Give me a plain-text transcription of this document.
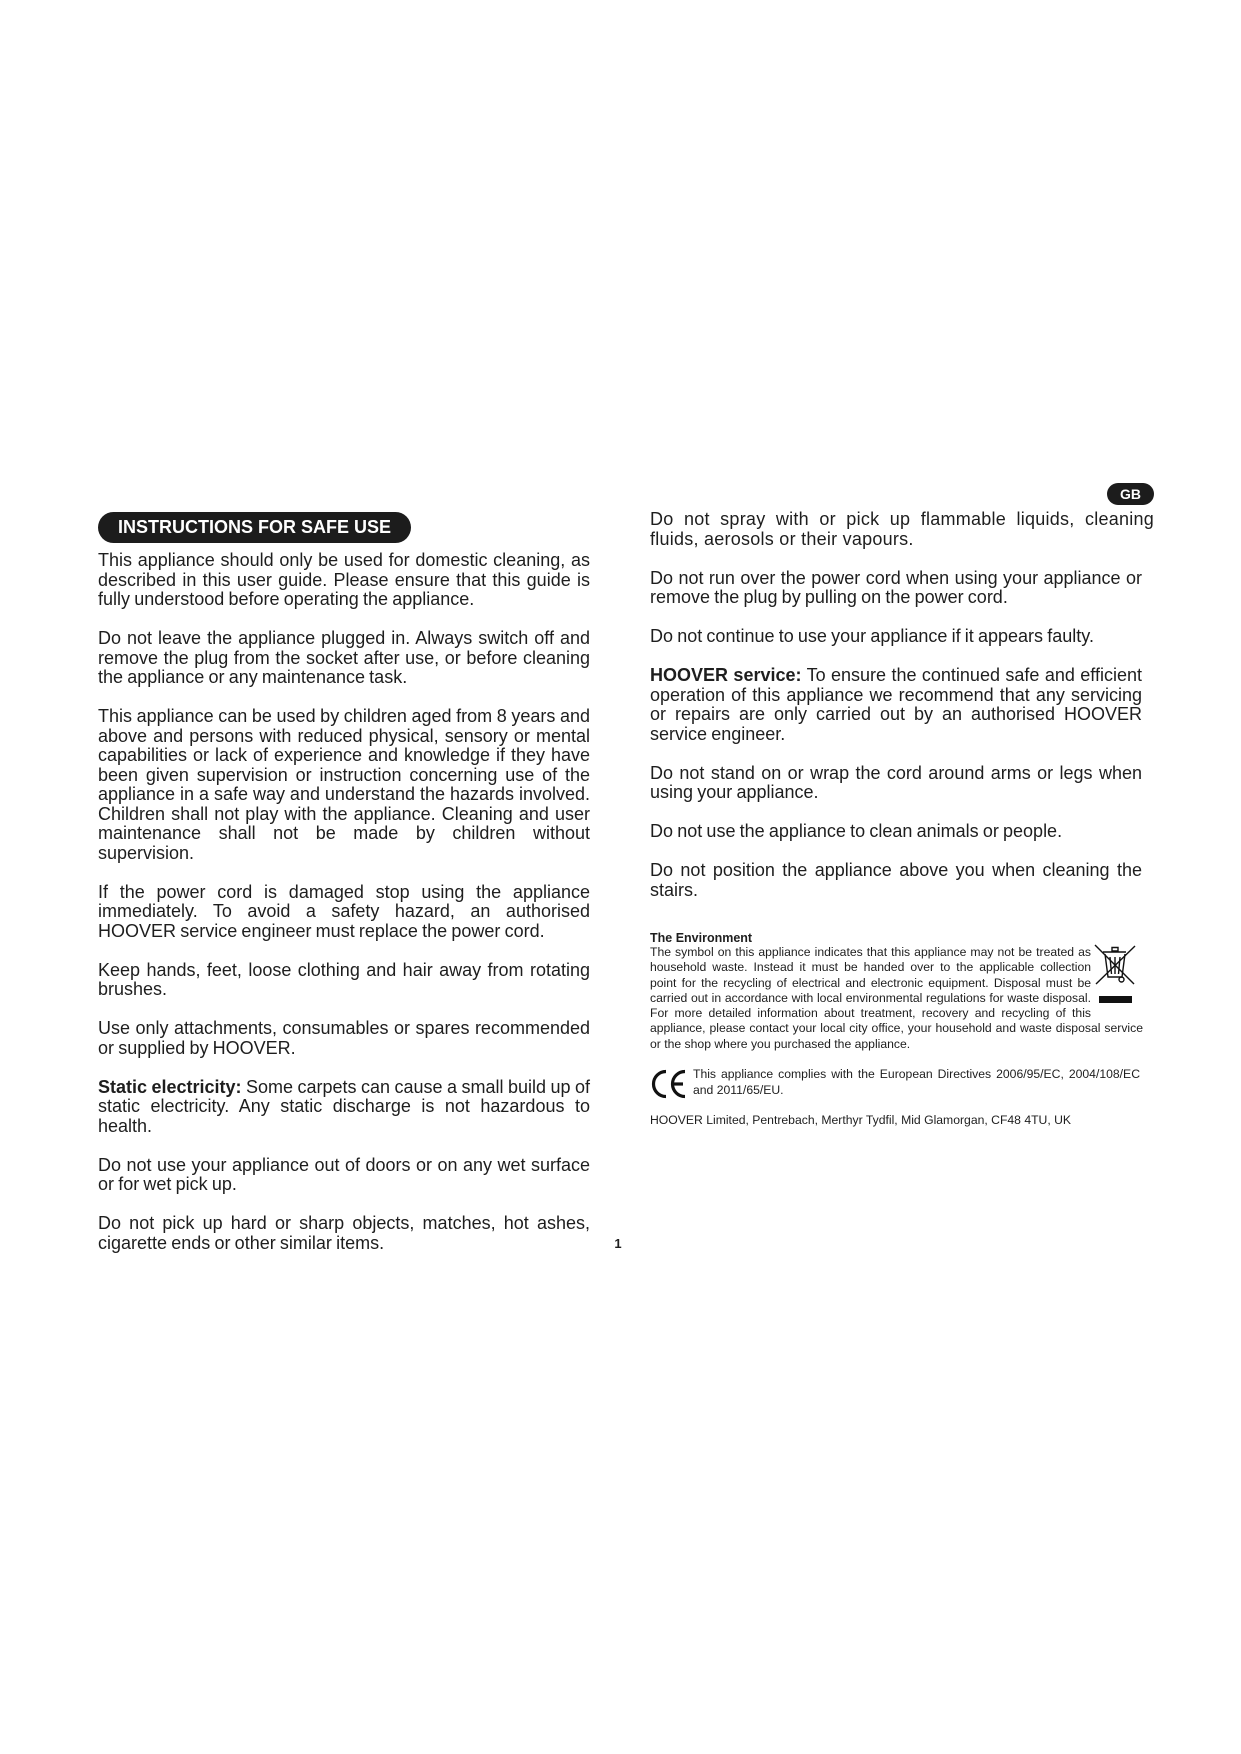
GB
INSTRUCTIONS FOR SAFE USE

This appliance should only be used for domestic cleaning, as described in this user guide. Please ensure that this guide is fully understood before operating the appliance.

Do not leave the appliance plugged in. Always switch off and remove the plug from the socket after use, or before cleaning the appliance or any maintenance task.

This appliance can be used by children aged from 8 years and above and persons with reduced physical, sensory or mental capabilities or lack of experience and knowledge if they have been given supervision or instruction concerning use of the appliance in a safe way and understand the hazards involved. Children shall not play with the appliance. Cleaning and user maintenance shall not be made by children without supervision.

If the power cord is damaged stop using the appliance immediately. To avoid a safety hazard, an authorised HOOVER service engineer must replace the power cord.

Keep hands, feet, loose clothing and hair away from rotating brushes.

Use only attachments, consumables or spares recommended or supplied by HOOVER.

Static electricity: Some carpets can cause a small build up of static electricity. Any static discharge is not hazardous to health.

Do not use your appliance out of doors or on any wet surface or for wet pick up.

Do not pick up hard or sharp objects, matches, hot ashes, cigarette ends or other similar items.

Do not spray with or pick up flammable liquids, cleaning fluids, aerosols or their vapours.

Do not run over the power cord when using your appliance or remove the plug by pulling on the power cord.

Do not continue to use your appliance if it appears faulty.

HOOVER service: To ensure the continued safe and efficient operation of this appliance we recommend that any servicing or repairs are only carried out by an authorised HOOVER service engineer.

Do not stand on or wrap the cord around arms or legs when using your appliance.

Do not use the appliance to clean animals or people.

Do not position the appliance above you when cleaning the stairs.

The Environment
The symbol on this appliance indicates that this appliance may not be treated as household waste. Instead it must be handed over to the applicable collection point for the recycling of electrical and electronic equipment. Disposal must be carried out in accordance with local environmental regulations for waste disposal. For more detailed information about treatment, recovery and recycling of this appliance, please contact your local city office, your household and waste disposal service or the shop where you purchased the appliance.
This appliance complies with the European Directives 2006/95/EC, 2004/108/EC and 2011/65/EU.
HOOVER Limited, Pentrebach, Merthyr Tydfil, Mid Glamorgan, CF48 4TU, UK
1
